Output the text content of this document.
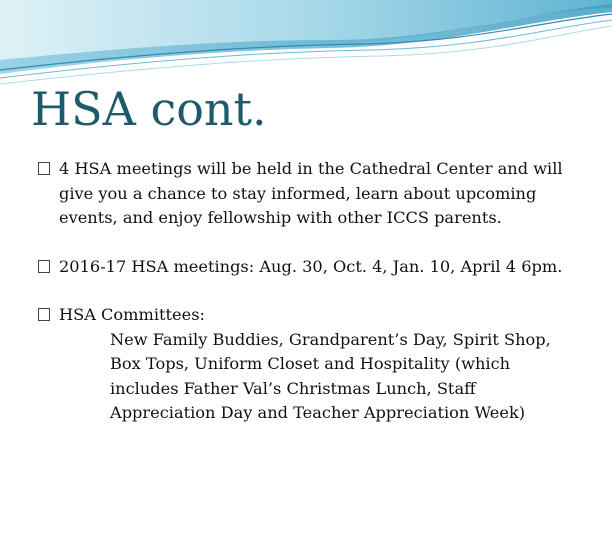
HSA cont.

4 HSA meetings will be held in the Cathedral Center and will give you a chance to stay informed, learn about upcoming events, and enjoy fellowship with other ICCS parents.

2016-17 HSA meetings: Aug. 30, Oct. 4, Jan. 10, April 4 6pm.

HSA Committees:

New Family Buddies, Grandparent’s Day, Spirit Shop, Box Tops, Uniform Closet and Hospitality (which includes Father Val’s Christmas Lunch, Staff Appreciation Day and Teacher Appreciation Week)
